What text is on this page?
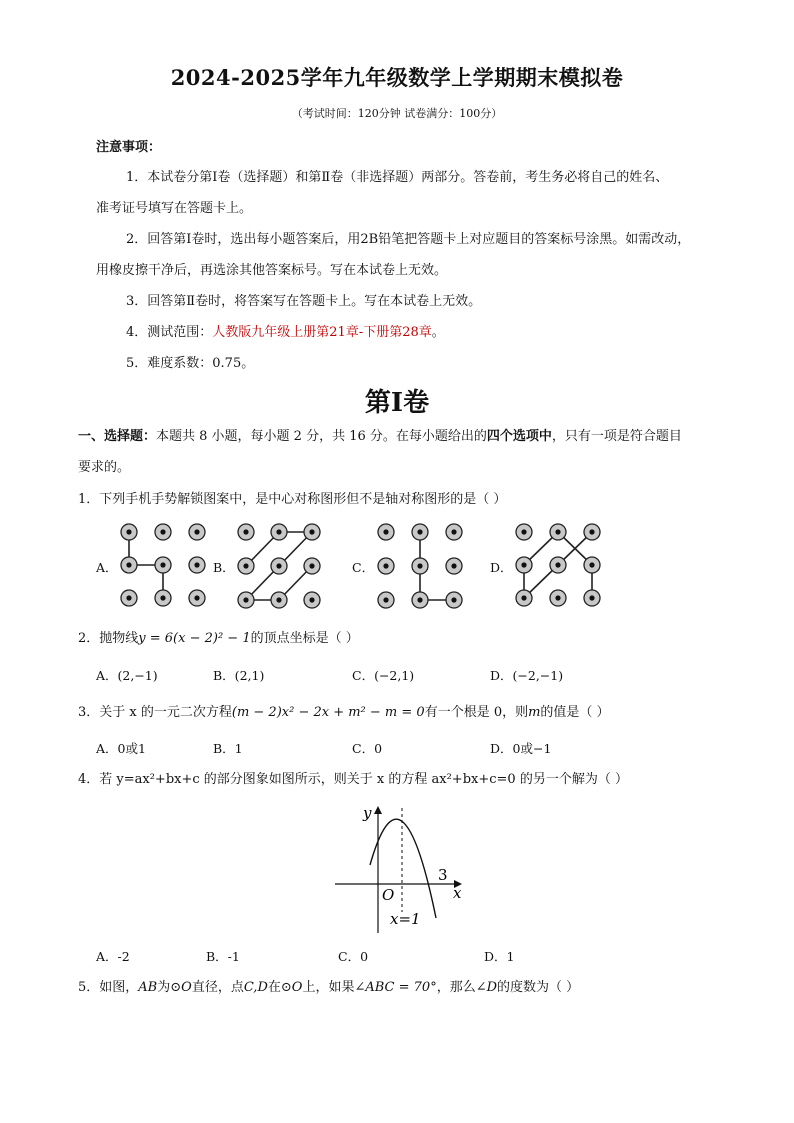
2024-2025学年九年级数学上学期期末模拟卷
（考试时间：120分钟 试卷满分：100分）
注意事项：
1．本试卷分第Ⅰ卷（选择题）和第Ⅱ卷（非选择题）两部分。答卷前，考生务必将自己的姓名、
准考证号填写在答题卡上。
2．回答第Ⅰ卷时，选出每小题答案后，用2B铅笔把答题卡上对应题目的答案标号涂黑。如需改动，
用橡皮擦干净后，再选涂其他答案标号。写在本试卷上无效。
3．回答第Ⅱ卷时，将答案写在答题卡上。写在本试卷上无效。
4．测试范围：人教版九年级上册第21章-下册第28章。
5．难度系数：0.75。
第Ⅰ卷
一、选择题：本题共 8 小题，每小题 2 分，共 16 分。在每小题给出的四个选项中，只有一项是符合题目
要求的。
1．下列手机手势解锁图案中，是中心对称图形但不是轴对称图形的是（ ）
A．	B．	C．	D．
2．抛物线y = 6(x − 2)² − 1的顶点坐标是（ ）
A．(2,−1)	B．(2,1)	C．(−2,1)	D．(−2,−1)
3．关于 x 的一元二次方程(m − 2)x² − 2x + m² − m = 0有一个根是 0，则m的值是（ ）
A．0或1	B．1	C．0	D．0或−1
4．若 y=ax²+bx+c 的部分图象如图所示，则关于 x 的方程 ax²+bx+c=0 的另一个解为（ ）
y
x
O
3
x=1
A．-2	B．-1	C．0	D．1
5．如图，AB为⊙O直径，点C,D在⊙O上，如果∠ABC = 70°，那么∠D的度数为（ ）
